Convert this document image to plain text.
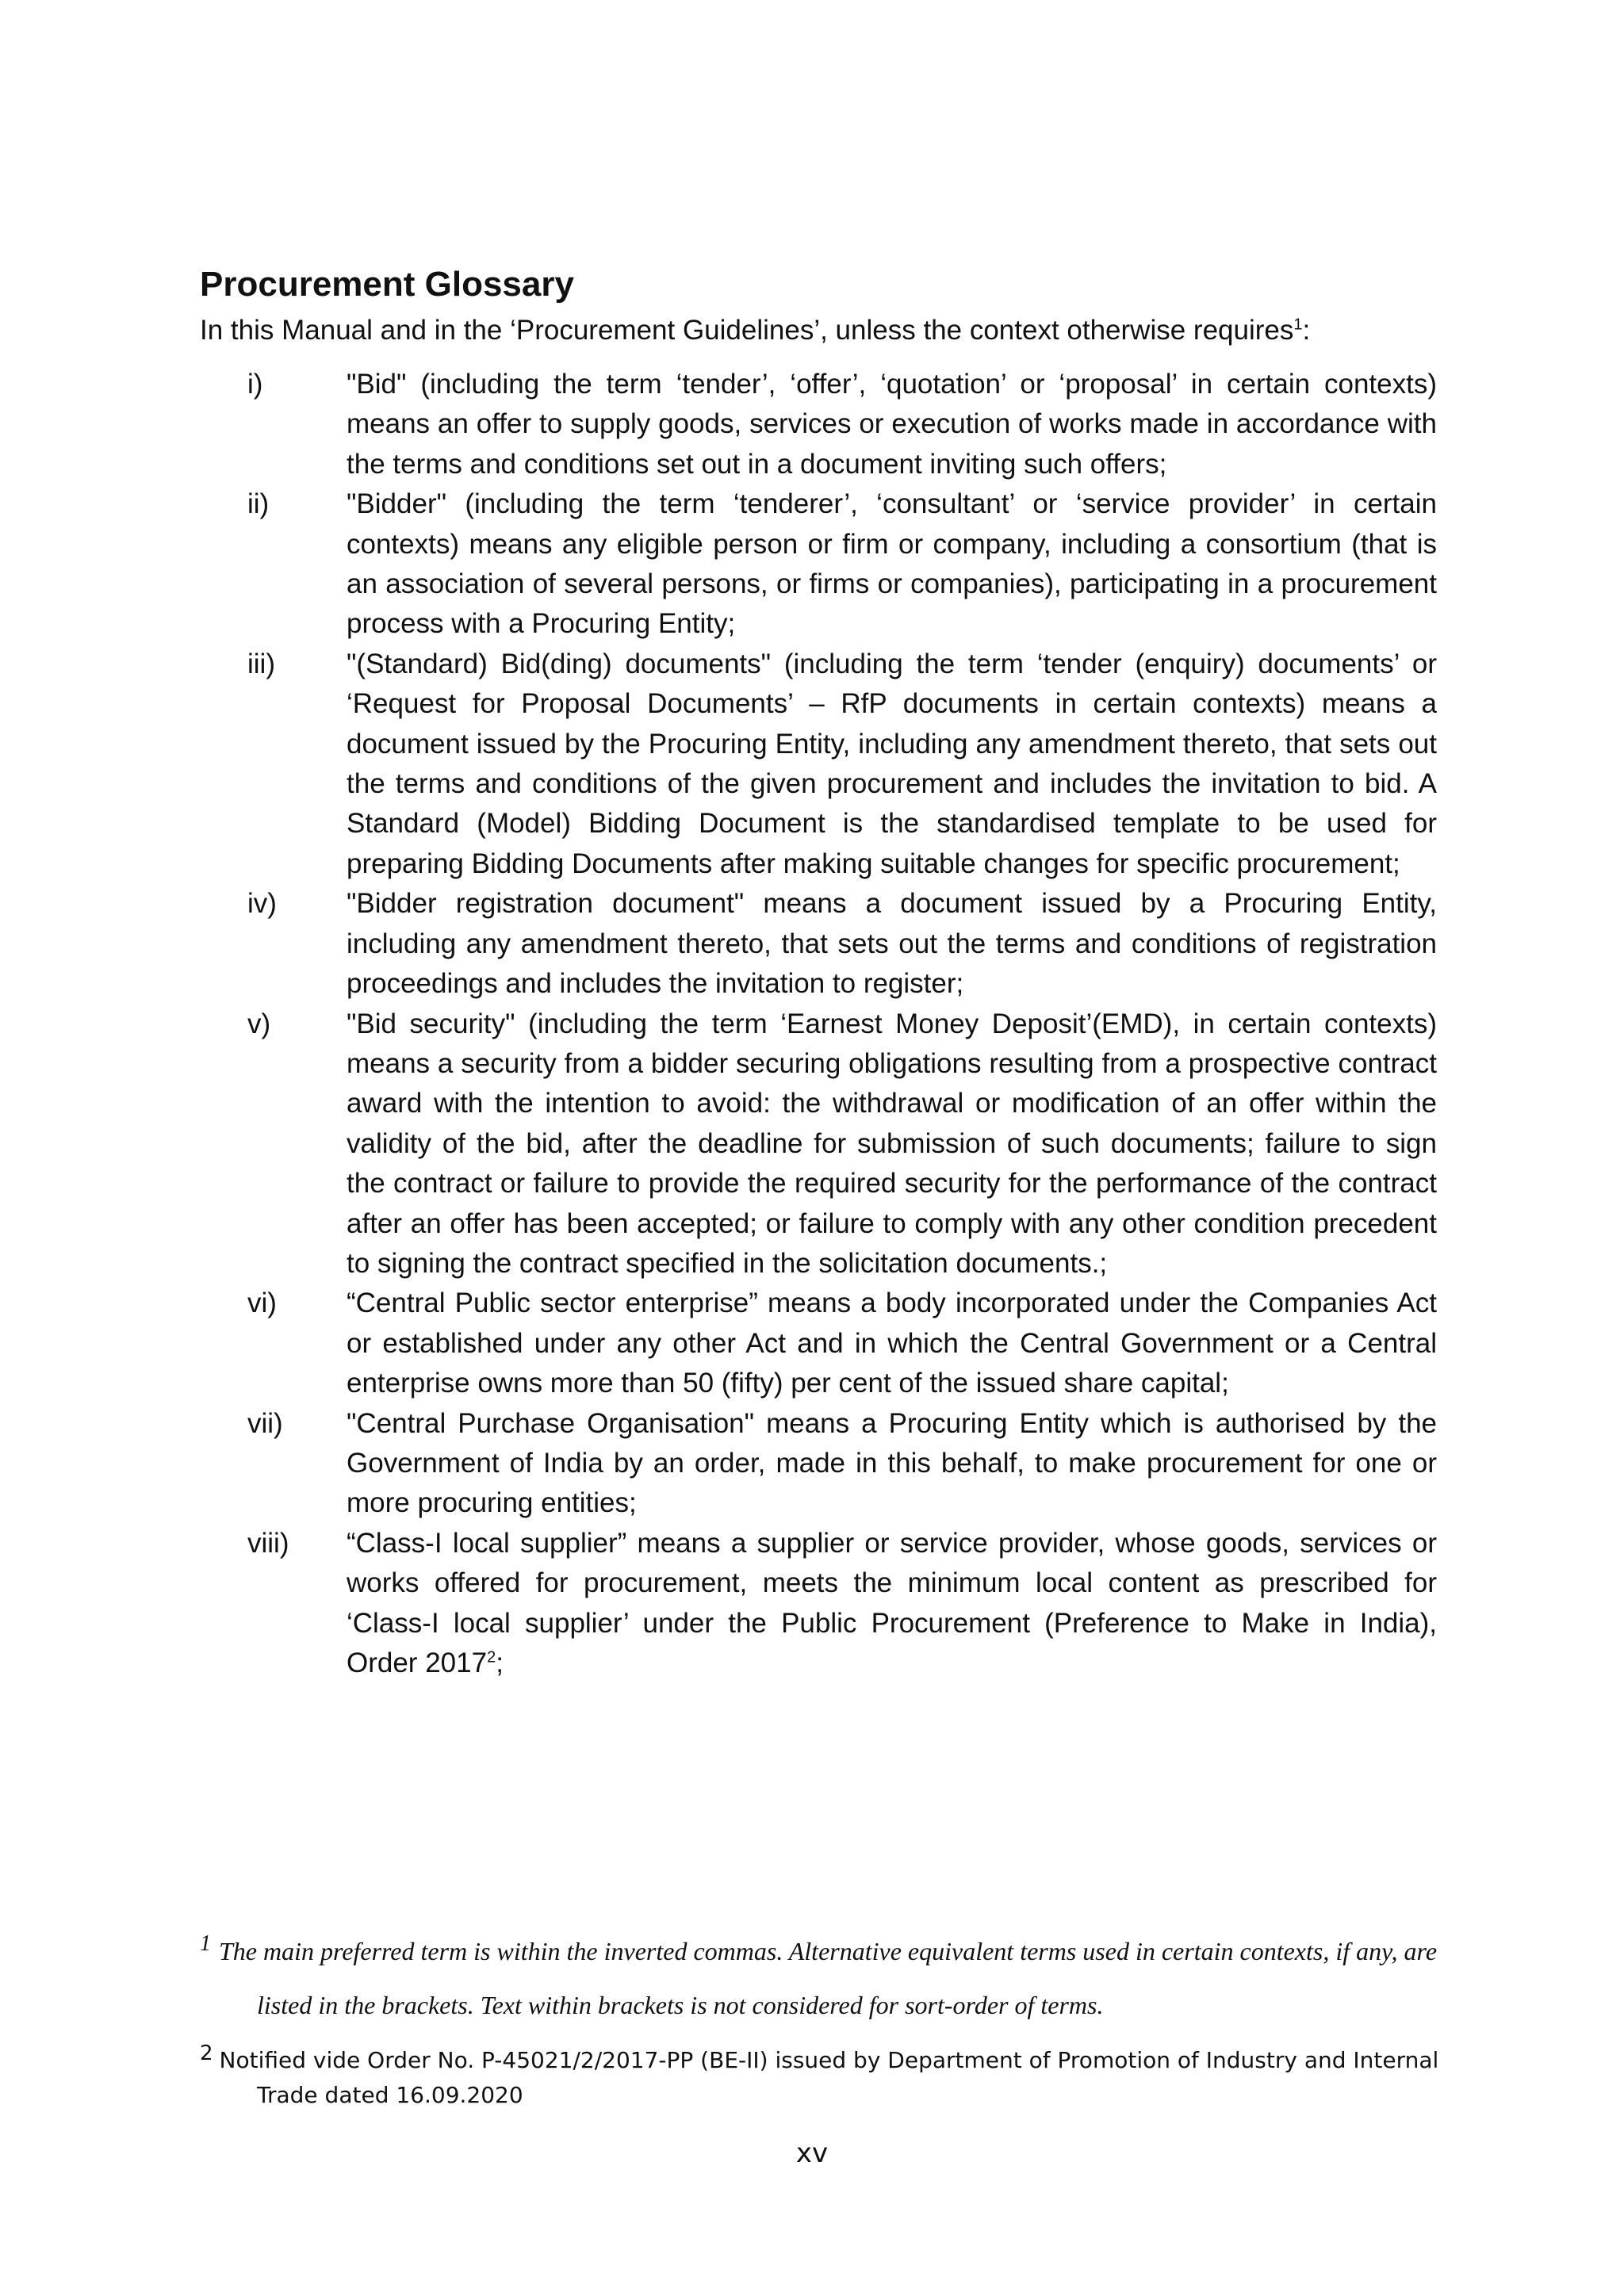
Procurement Glossary

In this Manual and in the ‘Procurement Guidelines’, unless the context otherwise requires$^1$:

i)	"Bid" (including the term ‘tender’, ‘offer’, ‘quotation’ or ‘proposal’ in certain contexts) means an offer to supply goods, services or execution of works made in accordance with the terms and conditions set out in a document inviting such offers;
ii)	"Bidder" (including the term ‘tenderer’, ‘consultant’ or ‘service provider’ in certain contexts) means any eligible person or firm or company, including a consortium (that is an association of several persons, or firms or companies), participating in a procurement process with a Procuring Entity;
iii)	"(Standard) Bid(ding) documents" (including the term ‘tender (enquiry) documents’ or ‘Request for Proposal Documents’ – RfP documents in certain contexts) means a document issued by the Procuring Entity, including any amendment thereto, that sets out the terms and conditions of the given procurement and includes the invitation to bid. A Standard (Model) Bidding Document is the standardised template to be used for preparing Bidding Documents after making suitable changes for specific procurement;
iv)	"Bidder registration document" means a document issued by a Procuring Entity, including any amendment thereto, that sets out the terms and conditions of registration proceedings and includes the invitation to register;
v)	"Bid security" (including the term ‘Earnest Money Deposit’(EMD), in certain contexts) means a security from a bidder securing obligations resulting from a prospective contract award with the intention to avoid: the withdrawal or modification of an offer within the validity of the bid, after the deadline for submission of such documents; failure to sign the contract or failure to provide the required security for the performance of the contract after an offer has been accepted; or failure to comply with any other condition precedent to signing the contract specified in the solicitation documents.;
vi)	“Central Public sector enterprise” means a body incorporated under the Companies Act or established under any other Act and in which the Central Government or a Central enterprise owns more than 50 (fifty) per cent of the issued share capital;
vii)	"Central Purchase Organisation" means a Procuring Entity which is authorised by the Government of India by an order, made in this behalf, to make procurement for one or more procuring entities;
viii)	“Class-I local supplier” means a supplier or service provider, whose goods, services or works offered for procurement, meets the minimum local content as prescribed for ‘Class-I local supplier’ under the Public Procurement (Preference to Make in India), Order 2017$^2$;

1 The main preferred term is within the inverted commas. Alternative equivalent terms used in certain contexts, if any, are listed in the brackets. Text within brackets is not considered for sort-order of terms.

2 Notified vide Order No. P-45021/2/2017-PP (BE-II) issued by Department of Promotion of Industry and Internal Trade dated 16.09.2020

xv
